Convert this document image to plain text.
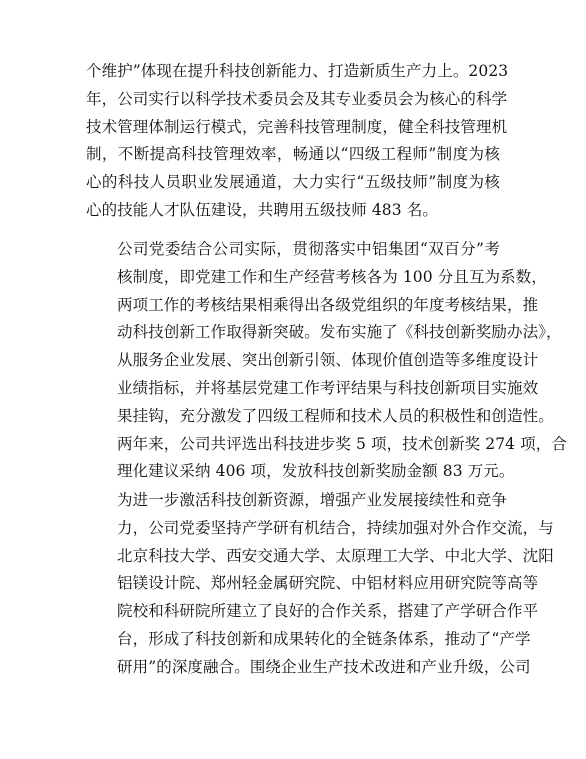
个维护”体现在提升科技创新能力、打造新质生产力上。2023
年，公司实行以科学技术委员会及其专业委员会为核心的科学
技术管理体制运行模式，完善科技管理制度，健全科技管理机
制，不断提高科技管理效率，畅通以“四级工程师”制度为核
心的科技人员职业发展通道，大力实行“五级技师”制度为核
心的技能人才队伍建设，共聘用五级技师 483 名。
公司党委结合公司实际，贯彻落实中铝集团“双百分”考
核制度，即党建工作和生产经营考核各为 100 分且互为系数，
两项工作的考核结果相乘得出各级党组织的年度考核结果，推
动科技创新工作取得新突破。发布实施了《科技创新奖励办法》，
从服务企业发展、突出创新引领、体现价值创造等多维度设计
业绩指标，并将基层党建工作考评结果与科技创新项目实施效
果挂钩，充分激发了四级工程师和技术人员的积极性和创造性。
两年来，公司共评选出科技进步奖 5 项，技术创新奖 274 项，合
理化建议采纳 406 项，发放科技创新奖励金额 83 万元。
为进一步激活科技创新资源，增强产业发展接续性和竞争
力，公司党委坚持产学研有机结合，持续加强对外合作交流，与
北京科技大学、西安交通大学、太原理工大学、中北大学、沈阳
铝镁设计院、郑州轻金属研究院、中铝材料应用研究院等高等
院校和科研院所建立了良好的合作关系，搭建了产学研合作平
台，形成了科技创新和成果转化的全链条体系，推动了“产学
研用”的深度融合。围绕企业生产技术改进和产业升级，公司
